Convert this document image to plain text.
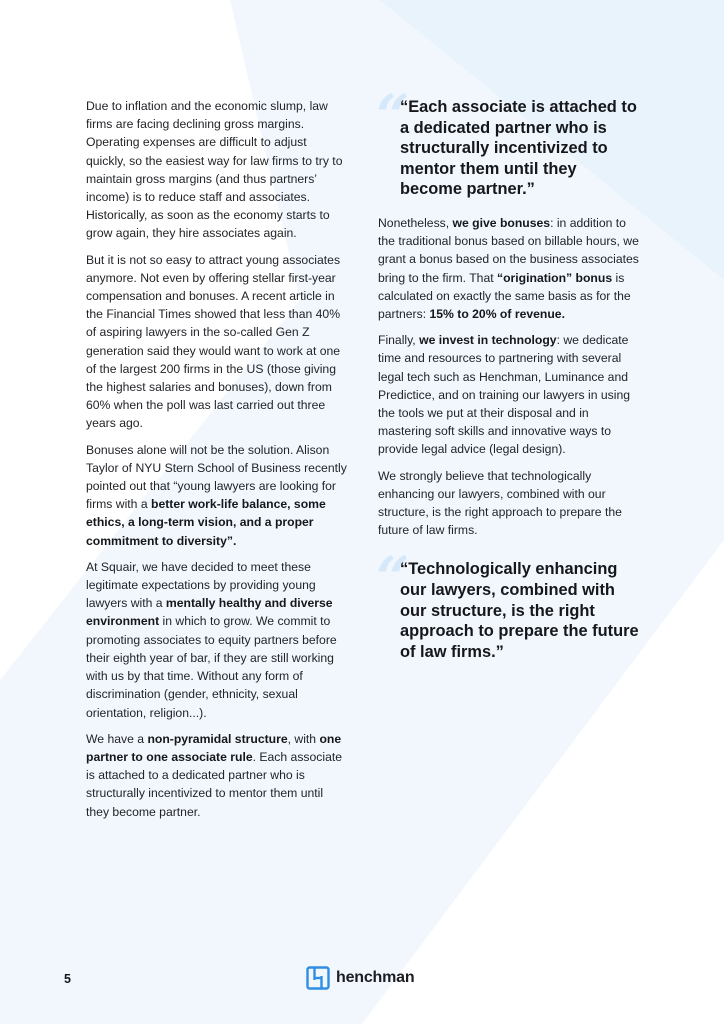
Due to inflation and the economic slump, law firms are facing declining gross margins. Operating expenses are difficult to adjust quickly, so the easiest way for law firms to try to maintain gross margins (and thus partners’ income) is to reduce staff and associates. Historically, as soon as the economy starts to grow again, they hire associates again.

But it is not so easy to attract young associates anymore. Not even by offering stellar first-year compensation and bonuses. A recent article in the Financial Times showed that less than 40% of aspiring lawyers in the so-called Gen Z generation said they would want to work at one of the largest 200 firms in the US (those giving the highest salaries and bonuses), down from 60% when the poll was last carried out three years ago.

Bonuses alone will not be the solution. Alison Taylor of NYU Stern School of Business recently pointed out that “young lawyers are looking for firms with a better work-life balance, some ethics, a long-term vision, and a proper commitment to diversity”.

At Squair, we have decided to meet these legitimate expectations by providing young lawyers with a mentally healthy and diverse environment in which to grow. We commit to promoting associates to equity partners before their eighth year of bar, if they are still working with us by that time. Without any form of discrimination (gender, ethnicity, sexual orientation, religion...).

We have a non-pyramidal structure, with one partner to one associate rule. Each associate is attached to a dedicated partner who is structurally incentivized to mentor them until they become partner.

“
“Each associate is attached to a dedicated partner who is structurally incentivized to mentor them until they become partner.”

Nonetheless, we give bonuses: in addition to the traditional bonus based on billable hours, we grant a bonus based on the business associates bring to the firm. That “origination” bonus is calculated on exactly the same basis as for the partners: 15% to 20% of revenue.

Finally, we invest in technology: we dedicate time and resources to partnering with several legal tech such as Henchman, Luminance and Predictice, and on training our lawyers in using the tools we put at their disposal and in mastering soft skills and innovative ways to provide legal advice (legal design).

We strongly believe that technologically enhancing our lawyers, combined with our structure, is the right approach to prepare the future of law firms.

“
“Technologically enhancing our lawyers, combined with our structure, is the right approach to prepare the future of law firms.”
5	henchman
